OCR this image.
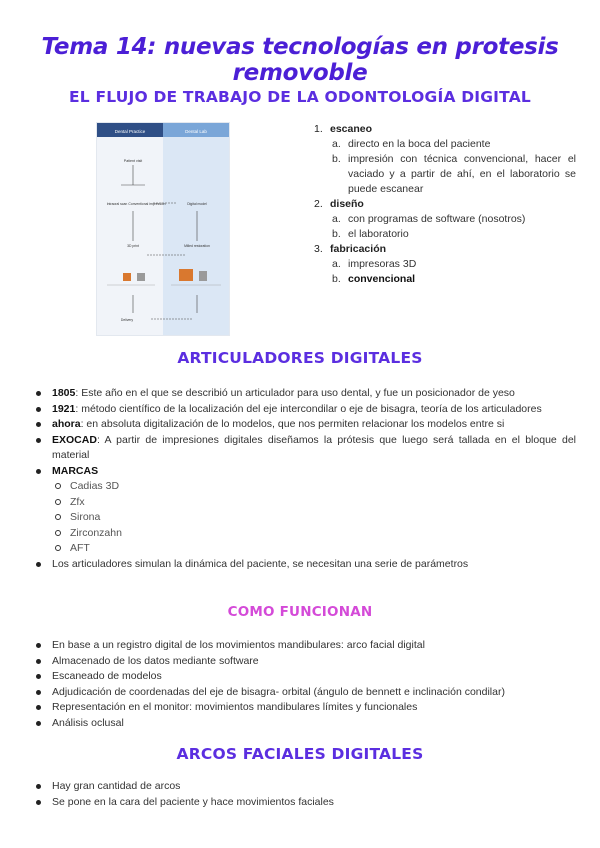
Tema 14: nuevas tecnologías en protesis removoble
EL FLUJO DE TRABAJO DE LA ODONTOLOGÍA DIGITAL
Dental Practice	Dental Lab
Patient visit
Intraoral scan Conventional impression	Digital model
3D print	Milled restoration
Delivery
1. escaneo
a. directo en la boca del paciente
b. impresión con técnica convencional, hacer el vaciado y a partir de ahí, en el laboratorio se puede escanear
2. diseño
a. con programas de software (nosotros)
b. el laboratorio
3. fabricación
a. impresoras 3D
b. convencional
ARTICULADORES DIGITALES
1805: Este año en el que se describió un articulador para uso dental, y fue un posicionador de yeso
1921: método científico de la localización del eje intercondilar o eje de bisagra, teoría de los articuladores
ahora: en absoluta digitalización de lo modelos, que nos permiten relacionar los modelos entre si
EXOCAD: A partir de impresiones digitales diseñamos la prótesis que luego será tallada en el bloque del material
MARCAS
Cadias 3D
Zfx
Sirona
Zirconzahn
AFT
Los articuladores simulan la dinámica del paciente, se necesitan una serie de parámetros
COMO FUNCIONAN
En base a un registro digital de los movimientos mandibulares: arco facial digital
Almacenado de los datos mediante software
Escaneado de modelos
Adjudicación de coordenadas del eje de bisagra- orbital (ángulo de bennett e inclinación condilar)
Representación en el monitor: movimientos mandibulares límites y funcionales
Análisis oclusal
ARCOS FACIALES DIGITALES
Hay gran cantidad de arcos
Se pone en la cara del paciente y hace movimientos faciales
